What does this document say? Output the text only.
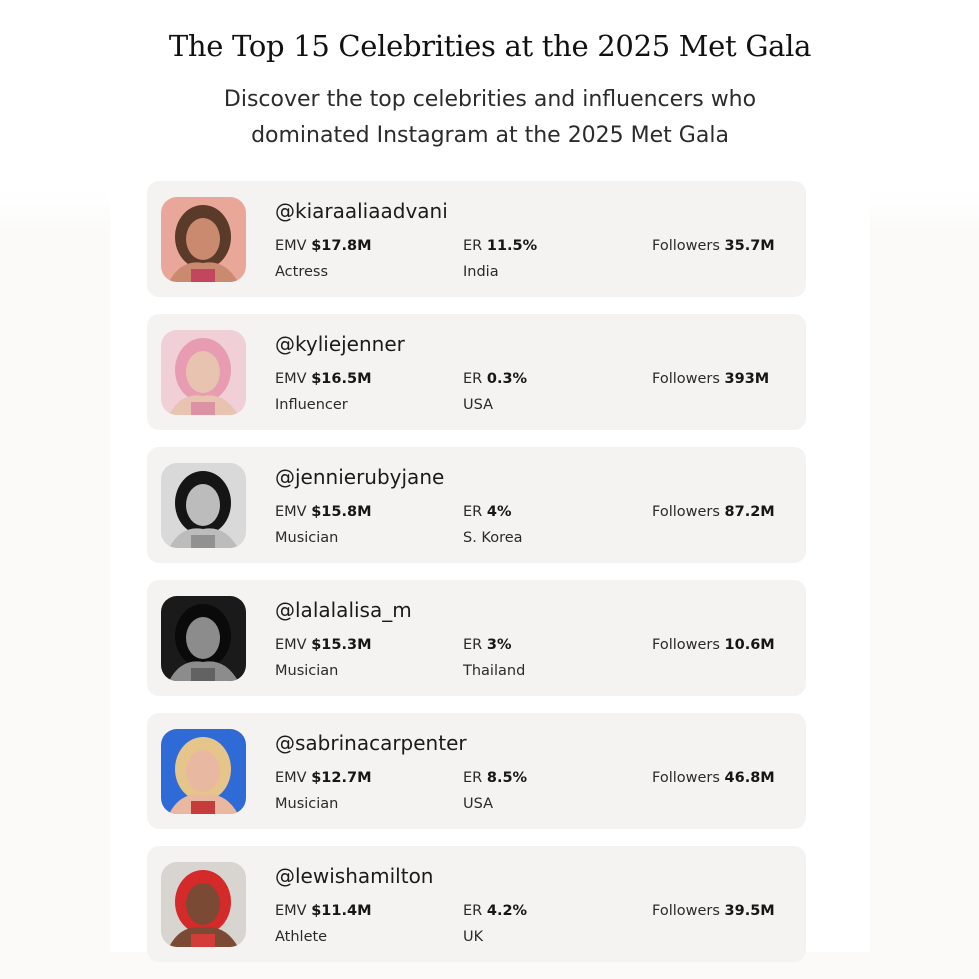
The Top 15 Celebrities at the 2025 Met Gala

Discover the top celebrities and influencers who dominated Instagram at the 2025 Met Gala

@kiaraaliaadvani
EMV $17.8M	ER 11.5%	Followers 35.7M
Actress	India
@kyliejenner
EMV $16.5M	ER 0.3%	Followers 393M
Influencer	USA
@jennierubyjane
EMV $15.8M	ER 4%	Followers 87.2M
Musician	S. Korea
@lalalalisa_m
EMV $15.3M	ER 3%	Followers 10.6M
Musician	Thailand
@sabrinacarpenter
EMV $12.7M	ER 8.5%	Followers 46.8M
Musician	USA
@lewishamilton
EMV $11.4M	ER 4.2%	Followers 39.5M
Athlete	UK
